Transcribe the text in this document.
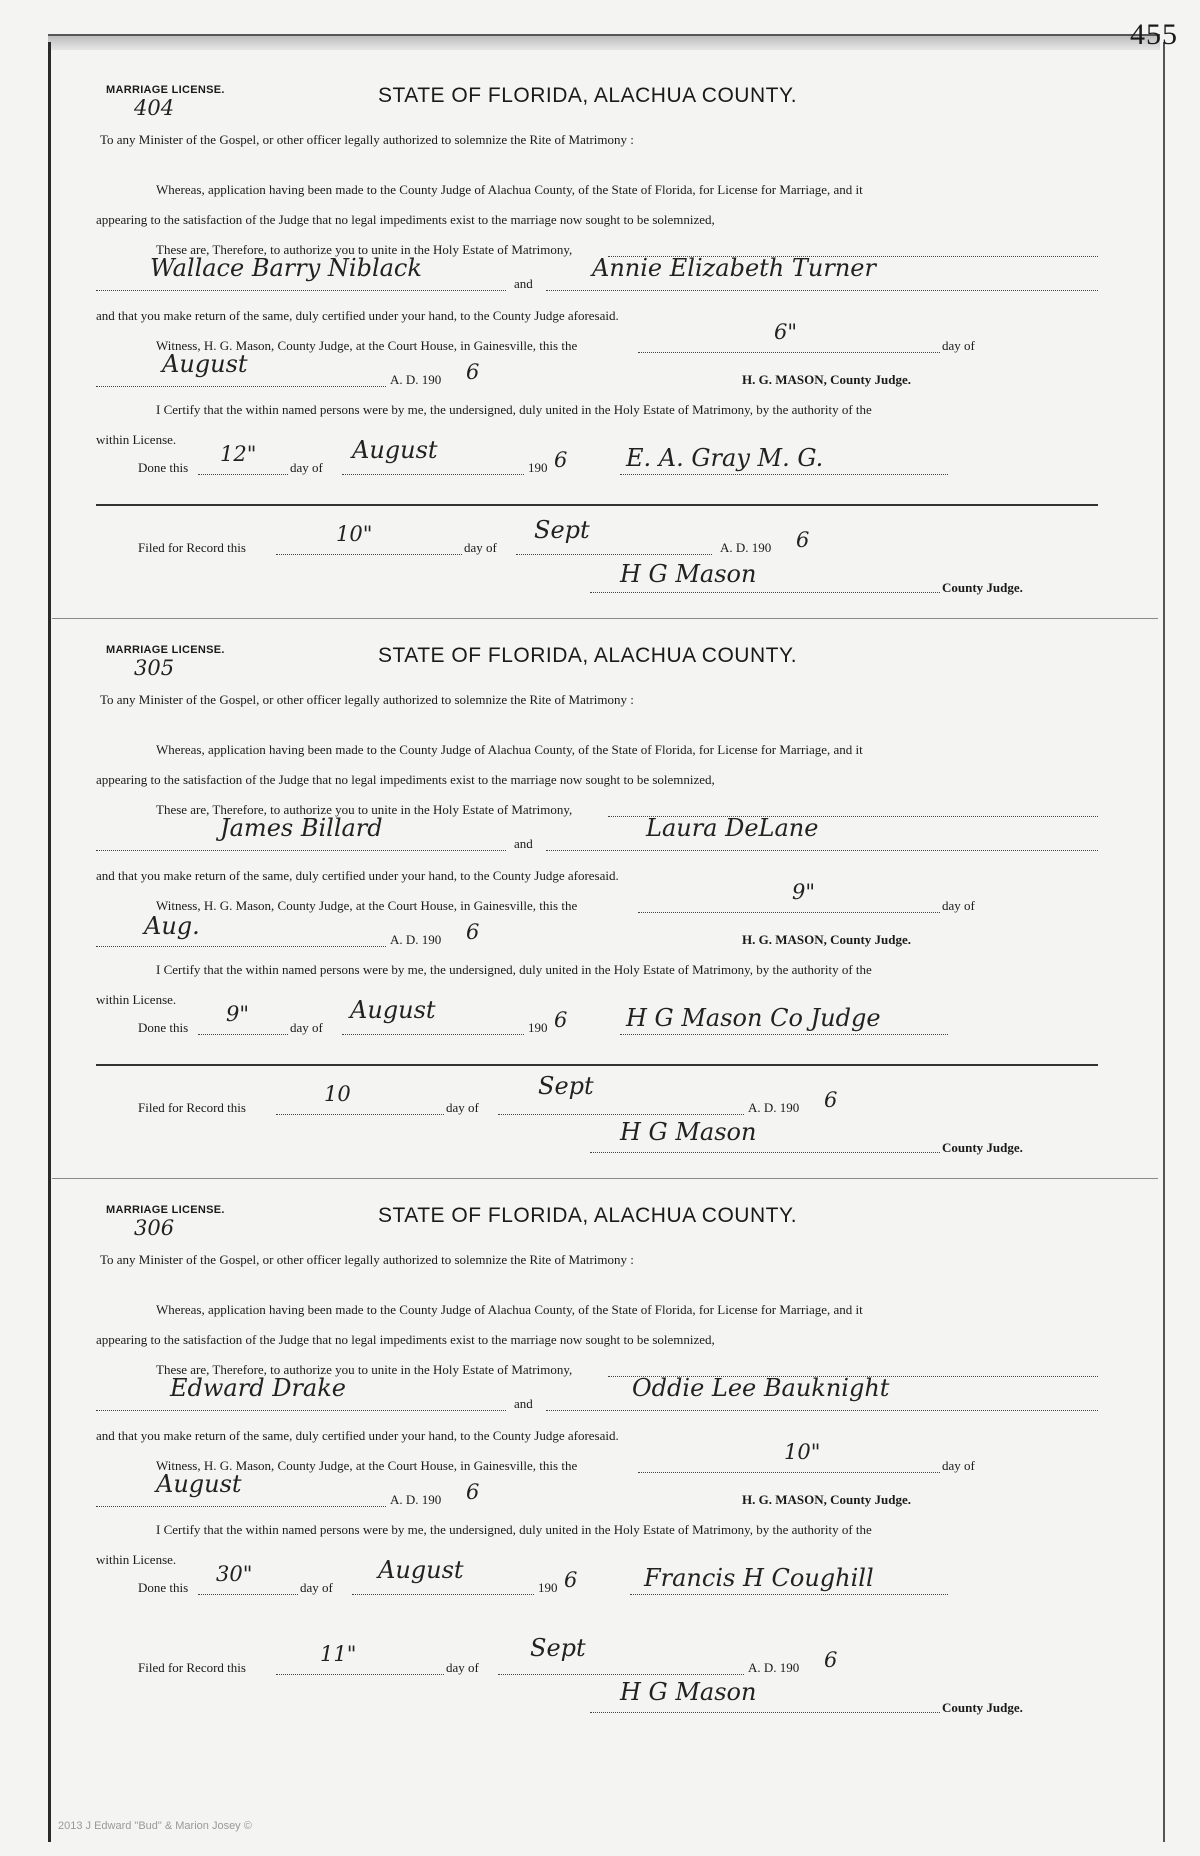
455
MARRIAGE LICENSE.
404
STATE OF FLORIDA, ALACHUA COUNTY.
To any Minister of the Gospel, or other officer legally authorized to solemnize the Rite of Matrimony :
Whereas, application having been made to the County Judge of Alachua County, of the State of Florida, for License for Marriage, and it
appearing to the satisfaction of the Judge that no legal impediments exist to the marriage now sought to be solemnized,
These are, Therefore, to authorize you to unite in the Holy Estate of Matrimony,
Wallace Barry Niblack
and
Annie Elizabeth Turner
and that you make return of the same, duly certified under your hand, to the County Judge aforesaid.
Witness, H. G. Mason, County Judge, at the Court House, in Gainesville, this the
6"
day of
August
A. D. 190 6	H. G. MASON, County Judge.
I Certify that the within named persons were by me, the undersigned, duly united in the Holy Estate of Matrimony, by the authority of the
within License.
Done this
12"
day of
August
190 6 E. A. Gray M. G.
Filed for Record this
10"
day of
Sept
A. D. 190 6
H G Mason	County Judge.
MARRIAGE LICENSE.
305
STATE OF FLORIDA, ALACHUA COUNTY.
To any Minister of the Gospel, or other officer legally authorized to solemnize the Rite of Matrimony :
Whereas, application having been made to the County Judge of Alachua County, of the State of Florida, for License for Marriage, and it
appearing to the satisfaction of the Judge that no legal impediments exist to the marriage now sought to be solemnized,
These are, Therefore, to authorize you to unite in the Holy Estate of Matrimony,
James Billard
and
Laura DeLane
and that you make return of the same, duly certified under your hand, to the County Judge aforesaid.
Witness, H. G. Mason, County Judge, at the Court House, in Gainesville, this the
9"
day of
Aug.	A. D. 190 6	H. G. MASON, County Judge.
I Certify that the within named persons were by me, the undersigned, duly united in the Holy Estate of Matrimony, by the authority of the
within License.
Done this
9"
day of
August
190 6 H G Mason Co Judge
Filed for Record this
10
day of
Sept
A. D. 190 6
H G Mason
County Judge.
MARRIAGE LICENSE.
306
STATE OF FLORIDA, ALACHUA COUNTY.
To any Minister of the Gospel, or other officer legally authorized to solemnize the Rite of Matrimony :
Whereas, application having been made to the County Judge of Alachua County, of the State of Florida, for License for Marriage, and it
appearing to the satisfaction of the Judge that no legal impediments exist to the marriage now sought to be solemnized,
These are, Therefore, to authorize you to unite in the Holy Estate of Matrimony,
Edward Drake
and
Oddie Lee Bauknight
and that you make return of the same, duly certified under your hand, to the County Judge aforesaid.
Witness, H. G. Mason, County Judge, at the Court House, in Gainesville, this the
10"
day of
August
A. D. 190 6	H. G. MASON, County Judge.
I Certify that the within named persons were by me, the undersigned, duly united in the Holy Estate of Matrimony, by the authority of the
within License.
Done this
30"
day of
August
190 6	Francis H Coughill
Filed for Record this
11"
day of
Sept
A. D. 190 6
H G Mason
County Judge.
2013 J Edward "Bud" & Marion Josey ©
